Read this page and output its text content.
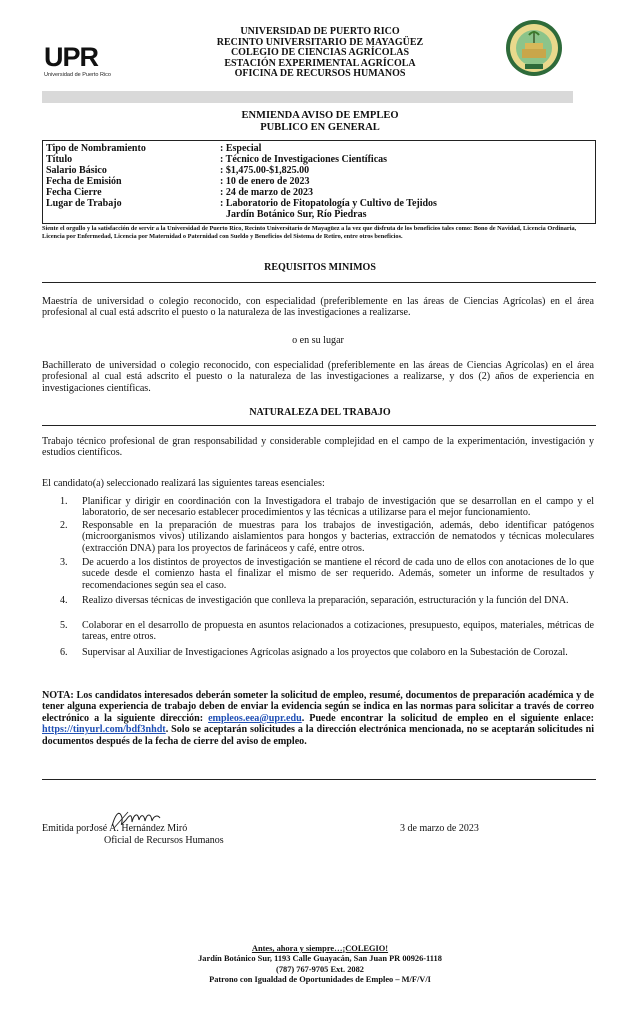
UPR
Universidad de Puerto Rico
UNIVERSIDAD DE PUERTO RICO
RECINTO UNIVERSITARIO DE MAYAGÜEZ
COLEGIO DE CIENCIAS AGRÍCOLAS
ESTACIÓN EXPERIMENTAL AGRÍCOLA
OFICINA DE RECURSOS HUMANOS
ENMIENDA AVISO DE EMPLEO
PUBLICO EN GENERAL
Tipo de Nombramiento	: Especial
Título	: Técnico de Investigaciones Científicas
Salario Básico	: $1,475.00-$1,825.00
Fecha de Emisión	: 10 de enero de 2023
Fecha Cierre	: 24 de marzo de 2023
Lugar de Trabajo	: Laboratorio de Fitopatología y Cultivo de Tejidos
Jardín Botánico Sur, Río Piedras
Siente el orgullo y la satisfacción de servir a la Universidad de Puerto Rico, Recinto Universitario de Mayagüez a la vez que disfruta de los beneficios tales como: Bono de Navidad, Licencia Ordinaria, Licencia por Enfermedad, Licencia por Maternidad o Paternidad con Sueldo y Beneficios del Sistema de Retiro, entre otros beneficios.
REQUISITOS MINIMOS
Maestría de universidad o colegio reconocido, con especialidad (preferiblemente en las áreas de Ciencias Agrícolas) en el área profesional al cual está adscrito el puesto o la naturaleza de las investigaciones a realizarse.
o en su lugar
Bachillerato de universidad o colegio reconocido, con especialidad (preferiblemente en las áreas de Ciencias Agrícolas) en el área profesional al cual está adscrito el puesto o la naturaleza de las investigaciones a realizarse, y dos (2) años de experiencia en investigaciones científicas.
NATURALEZA DEL TRABAJO
Trabajo técnico profesional de gran responsabilidad y considerable complejidad en el campo de la experimentación, investigación y estudios científicos.
El candidato(a) seleccionado realizará las siguientes tareas esenciales:
1. Planificar y dirigir en coordinación con la Investigadora el trabajo de investigación que se desarrollan en el campo y el laboratorio, de ser necesario establecer procedimientos y las técnicas a utilizarse para el mejor funcionamiento.
2. Responsable en la preparación de muestras para los trabajos de investigación, además, debo identificar patógenos (microorganismos vivos) utilizando aislamientos para hongos y bacterias, extracción de nematodos y técnicas moleculares (extracción DNA) para los proyectos de farináceos y café, entre otros.
3. De acuerdo a los distintos de proyectos de investigación se mantiene el récord de cada uno de ellos con anotaciones de lo que sucede desde el comienzo hasta el finalizar el mismo de ser requerido. Además, someter un informe de resultados y recomendaciones según sea el caso.
4. Realizo diversas técnicas de investigación que conlleva la preparación, separación, estructuración y la función del DNA.
5. Colaborar en el desarrollo de propuesta en asuntos relacionados a cotizaciones, presupuesto, equipos, materiales, métricas de tareas, entre otros.
6. Supervisar al Auxiliar de Investigaciones Agrícolas asignado a los proyectos que colaboro en la Subestación de Corozal.
NOTA: Los candidatos interesados deberán someter la solicitud de empleo, resumé, documentos de preparación académica y de tener alguna experiencia de trabajo deben de enviar la evidencia según se indica en las normas para solicitar a través de correo electrónico a la siguiente dirección: empleos.eea@upr.edu. Puede encontrar la solicitud de empleo en el siguiente enlace: https://tinyurl.com/bdf3nhdt. Solo se aceptarán solicitudes a la dirección electrónica mencionada, no se aceptarán solicitudes ni documentos después de la fecha de cierre del aviso de empleo.
Emitida por:
José A. Hernández Miró
Oficial de Recursos Humanos
3 de marzo de 2023
Antes, ahora y siempre…¡COLEGIO!
Jardín Botánico Sur, 1193 Calle Guayacán, San Juan PR 00926-1118
(787) 767-9705 Ext. 2082
Patrono con Igualdad de Oportunidades de Empleo – M/F/V/I
